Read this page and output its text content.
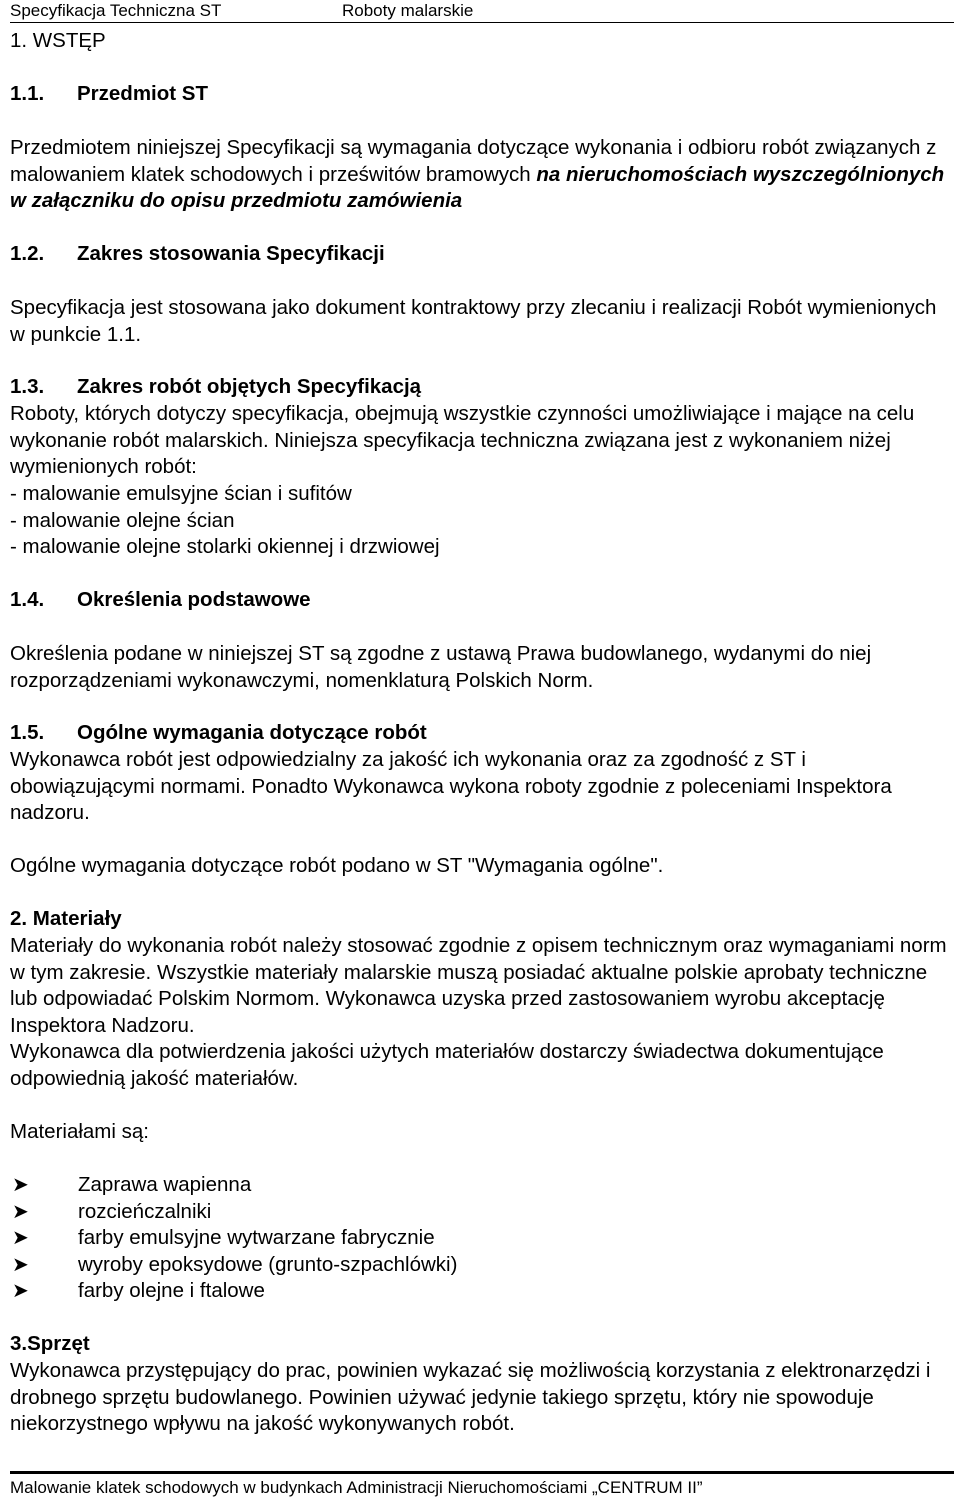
Specyfikacja Techniczna ST	Roboty malarskie
1. WSTĘP
1.1. Przedmiot ST

Przedmiotem niniejszej Specyfikacji są wymagania dotyczące wykonania i odbioru robót związanych z malowaniem klatek schodowych i prześwitów bramowych na nieruchomościach wyszczególnionych w załączniku do opisu przedmiotu zamówienia

1.2. Zakres stosowania Specyfikacji

Specyfikacja jest stosowana jako dokument kontraktowy przy zlecaniu i realizacji Robót wymienionych w punkcie 1.1.

1.3. Zakres robót objętych Specyfikacją

Roboty, których dotyczy specyfikacja, obejmują wszystkie czynności umożliwiające i mające na celu wykonanie robót malarskich. Niniejsza specyfikacja techniczna związana jest z wykonaniem niżej wymienionych robót:

- malowanie emulsyjne ścian i sufitów
- malowanie olejne ścian
- malowanie olejne stolarki okiennej i drzwiowej
1.4. Określenia podstawowe

Określenia podane w niniejszej ST są zgodne z ustawą Prawa budowlanego, wydanymi do niej rozporządzeniami wykonawczymi, nomenklaturą Polskich Norm.

1.5. Ogólne wymagania dotyczące robót

Wykonawca robót jest odpowiedzialny za jakość ich wykonania oraz za zgodność z ST i obowiązującymi normami. Ponadto Wykonawca wykona roboty zgodnie z poleceniami Inspektora nadzoru.

Ogólne wymagania dotyczące robót podano w ST "Wymagania ogólne".

2. Materiały

Materiały do wykonania robót należy stosować zgodnie z opisem technicznym oraz wymaganiami norm w tym zakresie. Wszystkie materiały malarskie muszą posiadać aktualne polskie aprobaty techniczne lub odpowiadać Polskim Normom. Wykonawca uzyska przed zastosowaniem wyrobu akceptację Inspektora Nadzoru.

Wykonawca dla potwierdzenia jakości użytych materiałów dostarczy świadectwa dokumentujące odpowiednią jakość materiałów.

Materiałami są:

➤ Zaprawa wapienna
➤ rozcieńczalniki
➤ farby emulsyjne wytwarzane fabrycznie
➤ wyroby epoksydowe (grunto-szpachlówki)
➤ farby olejne i ftalowe
3.Sprzęt

Wykonawca przystępujący do prac, powinien wykazać się możliwością korzystania z elektronarzędzi i drobnego sprzętu budowlanego. Powinien używać jedynie takiego sprzętu, który nie spowoduje niekorzystnego wpływu na jakość wykonywanych robót.

Malowanie klatek schodowych w budynkach Administracji Nieruchomościami „CENTRUM II”
